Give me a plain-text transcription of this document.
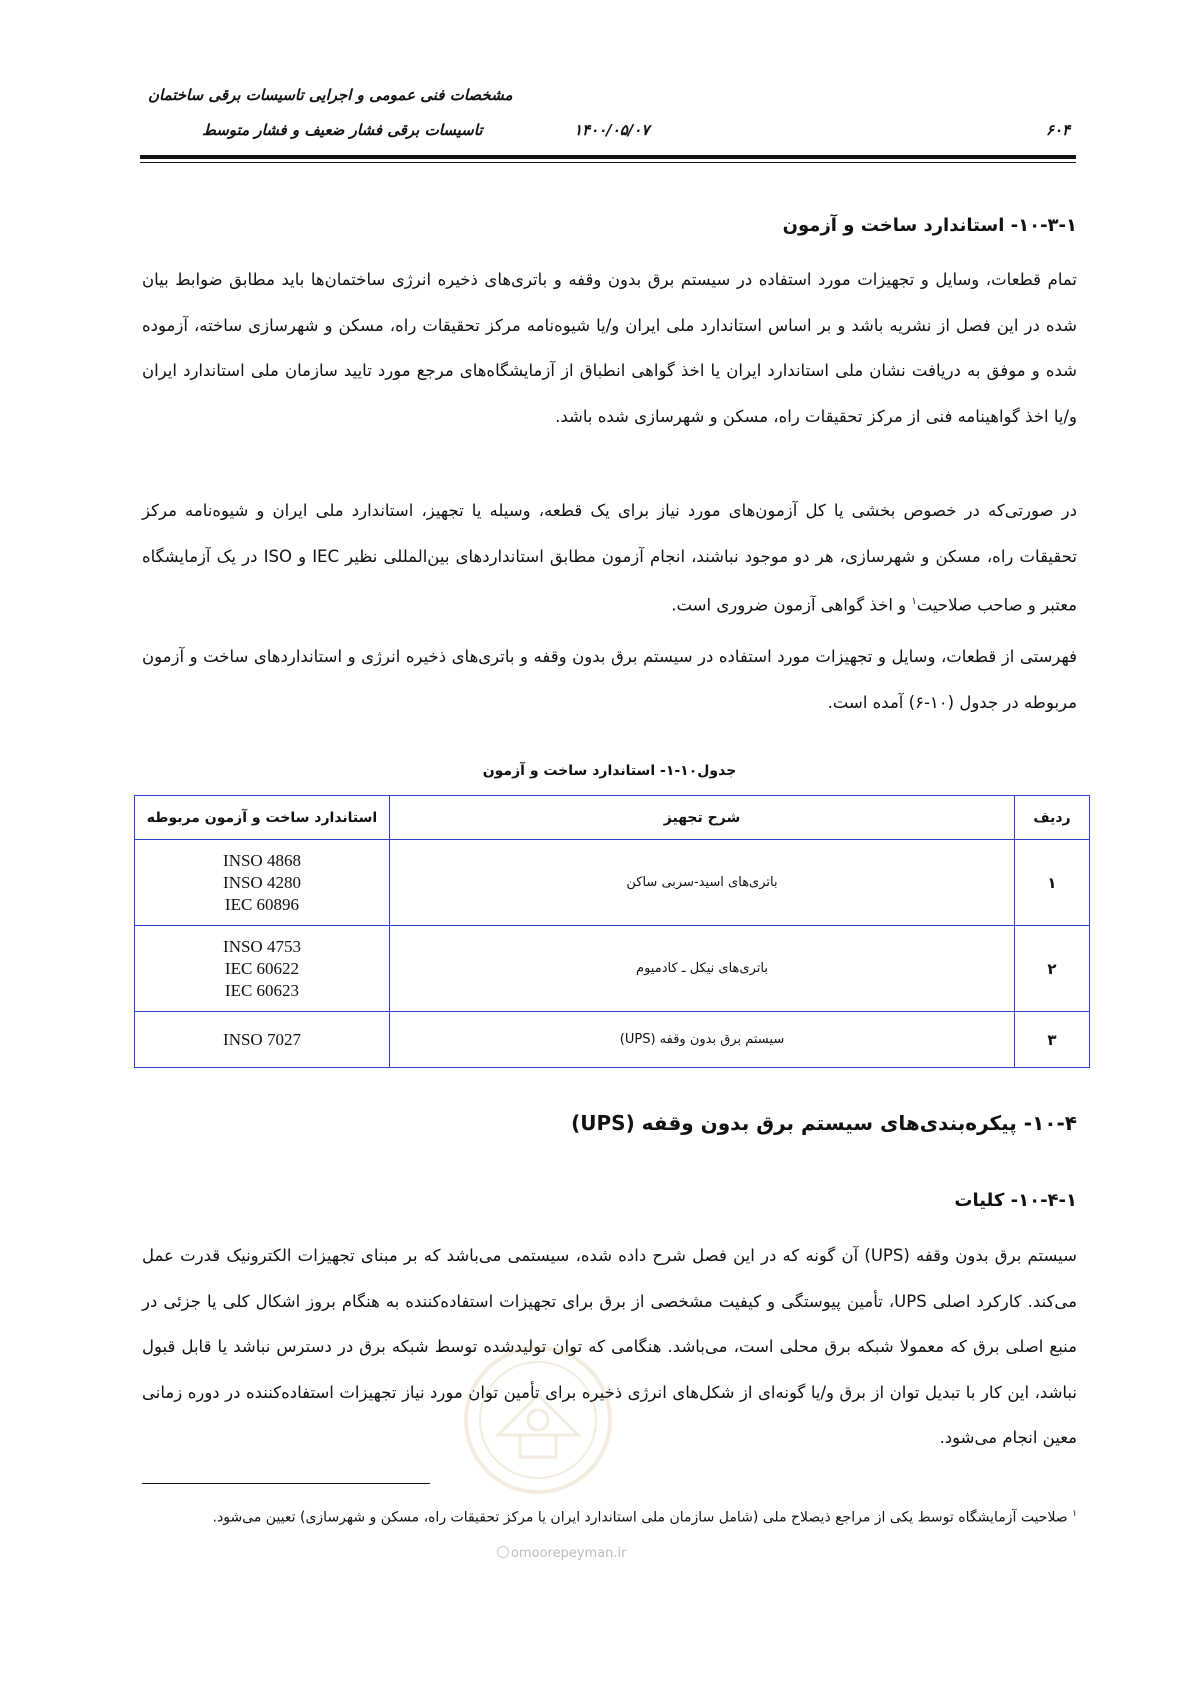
مشخصات فنی عمومی و اجرایی تاسیسات برقی ساختمان
تاسیسات برقی فشار ضعیف و فشار متوسط	۱۴۰۰/۰۵/۰۷	۶۰۴
۱۰-۳-۱- استاندارد ساخت و آزمون

تمام قطعات، وسایل و تجهیزات مورد استفاده در سیستم برق بدون وقفه و باتری‌های ذخیره انرژی ساختمان‌ها باید مطابق ضوابط بیان شده در این فصل از نشریه باشد و بر اساس استاندارد ملی ایران و/یا شیوه‌نامه مرکز تحقیقات راه، مسکن و شهرسازی ساخته، آزموده شده و موفق به دریافت نشان ملی استاندارد ایران یا اخذ گواهی انطباق از آزمایشگاه‌های مرجع مورد تایید سازمان ملی استاندارد ایران و/یا اخذ گواهینامه فنی از مرکز تحقیقات راه، مسکن و شهرسازی شده باشد.

در صورتی‌که در خصوص بخشی یا کل آزمون‌های مورد نیاز برای یک قطعه، وسیله یا تجهیز، استاندارد ملی ایران و شیوه‌نامه مرکز تحقیقات راه، مسکن و شهرسازی، هر دو موجود نباشند، انجام آزمون مطابق استانداردهای بین‌المللی نظیر IEC و ISO در یک آزمایشگاه معتبر و صاحب صلاحیت$^۱$ و اخذ گواهی آزمون ضروری است.

فهرستی از قطعات، وسایل و تجهیزات مورد استفاده در سیستم برق بدون وقفه و باتری‌های ذخیره انرژی و استانداردهای ساخت و آزمون مربوطه در جدول (۱۰-۶) آمده است.

جدول۱۰-۱- استاندارد ساخت و آزمون
ردیف	شرح تجهیز	استاندارد ساخت و آزمون مربوطه
۱	باتری‌های اسید-سربی ساکن	INSO 4868
INSO 4280
IEC 60896

۲	باتری‌های نیکل ـ کادمیوم	INSO 4753
IEC 60622
IEC 60623

۳	سیستم برق بدون وقفه (UPS)	INSO 7027
۱۰-۴- پیکره‌بندی‌های سیستم برق بدون وقفه (UPS)
۱۰-۴-۱- کلیات

سیستم برق بدون وقفه (UPS) آن گونه که در این فصل شرح داده شده، سیستمی می‌باشد که بر مبنای تجهیزات الکترونیک قدرت عمل می‌کند. کارکرد اصلی UPS، تأمین پیوستگی و کیفیت مشخصی از برق برای تجهیزات استفاده‌کننده به هنگام بروز اشکال کلی یا جزئی در منبع اصلی برق که معمولا شبکه برق محلی است، می‌باشد. هنگامی که توان تولیدشده توسط شبکه برق در دسترس نباشد یا قابل قبول نباشد، این کار با تبدیل توان از برق و/یا گونه‌ای از شکل‌های انرژی ذخیره برای تأمین توان مورد نیاز تجهیزات استفاده‌کننده در دوره زمانی معین انجام می‌شود.

$^۱$ صلاحیت آزمایشگاه توسط یکی از مراجع ذیصلاح ملی (شامل سازمان ملی استاندارد ایران یا مرکز تحقیقات راه، مسکن و شهرسازی) تعیین می‌شود.
omoorepeyman.ir
